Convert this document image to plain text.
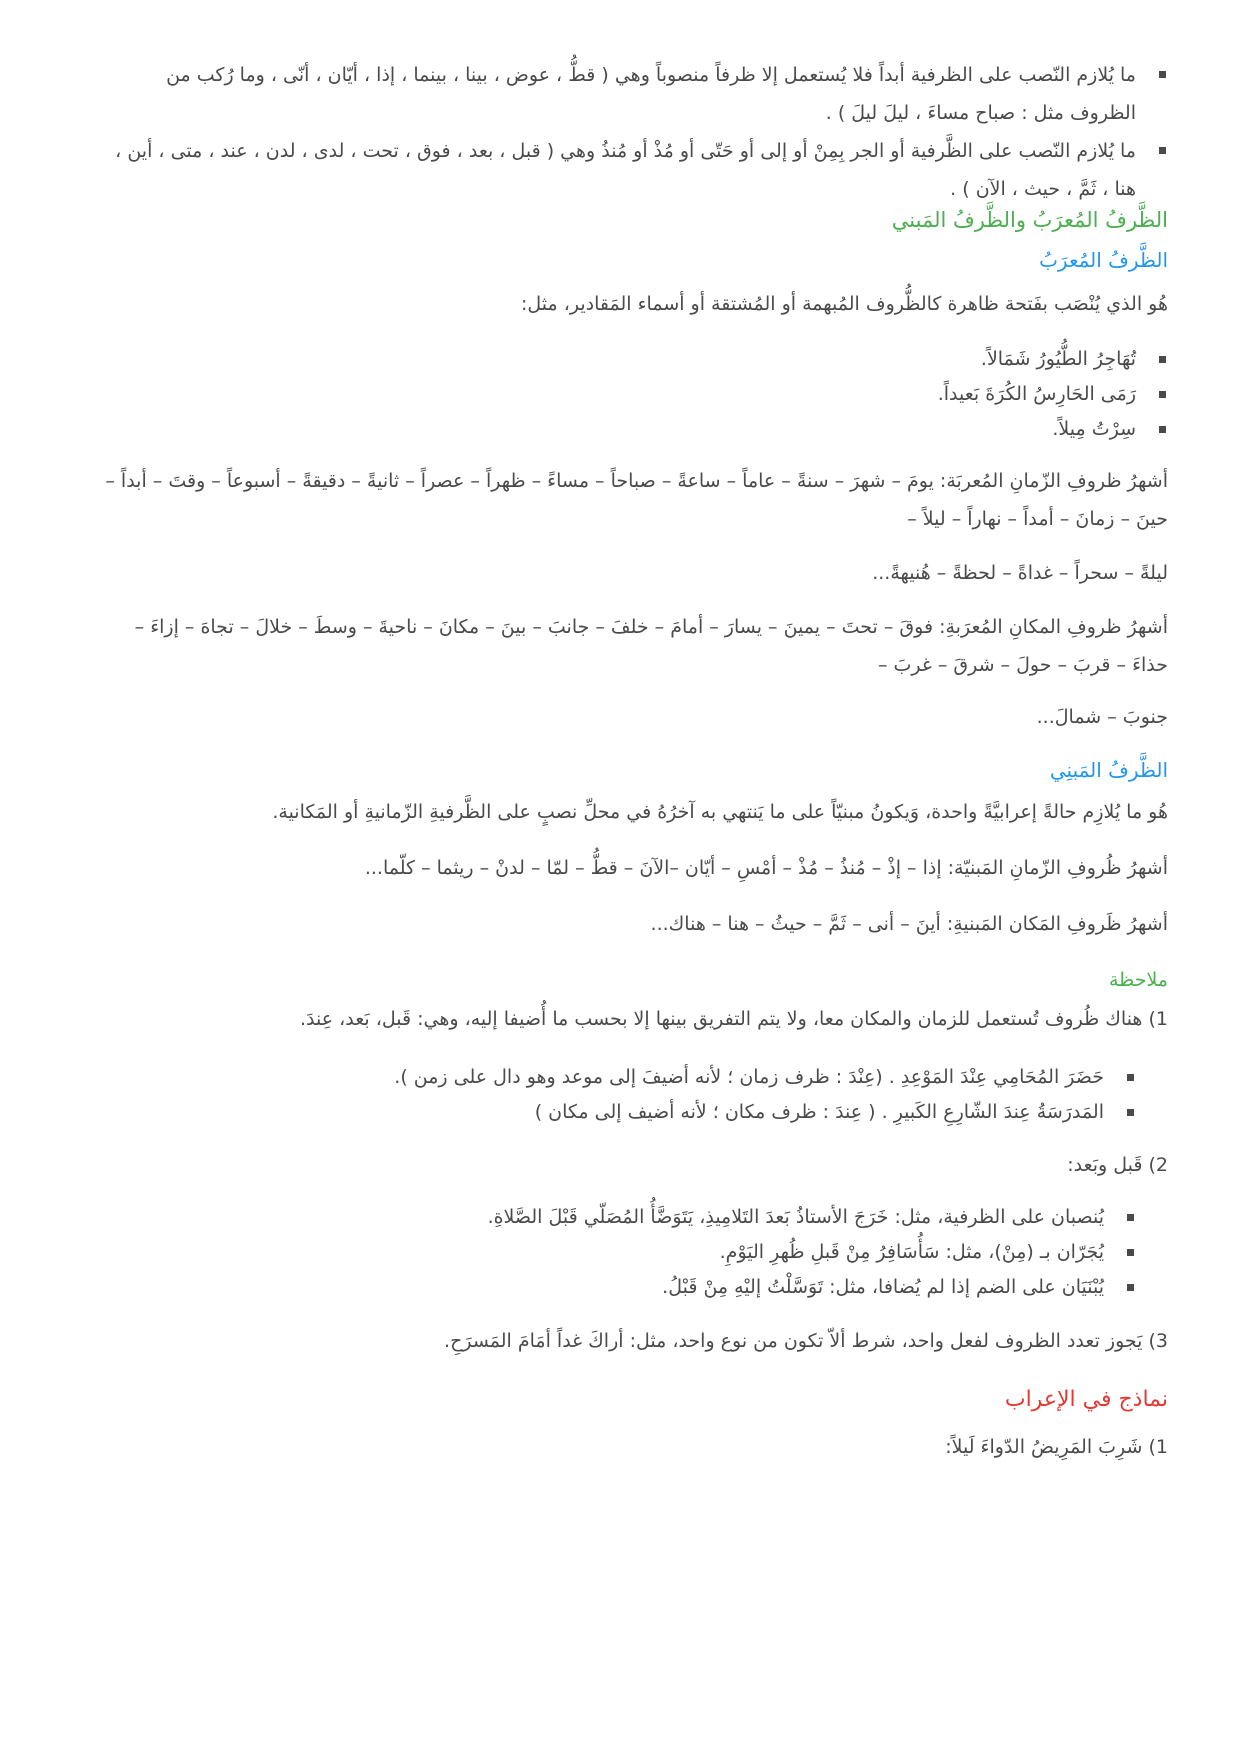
ما يُلازم النّصب على الظرفية أبداً فلا يُستعمل إلا ظرفاً منصوباً وهي ( قطُّ ، عوض ، بينا ، بينما ، إذا ، أيّان ، أنّى ، وما رُكب من الظروف مثل : صباح مساءَ ، ليلَ ليلَ ) .
ما يُلازم النّصب على الظَّرفية أو الجر بِمِنْ أو إلى أو حَتّى أو مُذْ أو مُنذُ وهي ( قبل ، بعد ، فوق ، تحت ، لدى ، لدن ، عند ، متى ، أين ، هنا ، ثَمَّ ، حيث ، الآن ) .
الظَّرفُ المُعرَبُ والظَّرفُ المَبني
الظَّرفُ المُعرَبُ

هُو الذي يُنْصَب بفَتحة ظاهرة كالظُّروف المُبهمة أو المُشتقة أو أسماء المَقادير، مثل:

تُهَاجِرُ الطُّيُورُ شَمَالاً.
رَمَى الحَارِسُ الكُرَةَ بَعيداً.
سِرْتُ مِيلاً.

أشهرُ ظروفِ الزّمانِ المُعربَة: يومَ – شهرَ – سنةً – عاماً – ساعةً – صباحاً – مساءً – ظهراً – عصراً – ثانيةً – دقيقةً – أسبوعاً – وقتَ – أبداً – حينَ – زمانَ – أمداً – نهاراً – ليلاً –

ليلةً – سحراً – غداةً – لحظةً – هُنيهةً...

أشهرُ ظروفِ المكانِ المُعرَبةِ: فوقَ – تحتَ – يمينَ – يسارَ – أمامَ – خلفَ – جانبَ – بينَ – مكانَ – ناحيةَ – وسطَ – خلالَ – تجاهَ – إزاءَ – حذاءَ – قربَ – حولَ – شرقَ – غربَ –

جنوبَ – شمالَ...

الظَّرفُ المَبنِي

هُو ما يُلازِم حالةً إعرابيَّةً واحدة، وَيكونُ مبنيّاً على ما يَنتهي به آخرُهُ في محلِّ نصبٍ على الظَّرفيةِ الزّمانيةِ أو المَكانية.

أشهرُ ظُروفِ الزّمانِ المَبنيّة: إذا – إذْ – مُنذُ – مُذْ – أمْسِ – أيّان –الآنَ – قطُّ – لمّا – لدنْ – ريثما – كلّما...

أشهرُ ظَروفِ المَكان المَبنيةِ: أينَ – أنى – ثَمَّ – حيثُ – هنا – هناك...

ملاحظة

1) هناك ظُروف تُستعمل للزمان والمكان معا، ولا يتم التفريق بينها إلا بحسب ما أُضيفا إليه، وهي: قَبل، بَعد، عِندَ.

حَضَرَ المُحَامِي عِنْدَ المَوْعِدِ . (عِنْدَ : ظرف زمان ؛ لأنه أضيفَ إلى موعد وهو دال على زمن ).
المَدرَسَةُ عِندَ الشّارِعِ الكَبيرِ . ( عِندَ : ظرف مكان ؛ لأنه أضيف إلى مكان )

2) قَبل وبَعد:

يُنصبان على الظرفية، مثل: خَرَجَ الأستاذُ بَعدَ التَلامِيذِ، يَتَوَضَّأُ المُصَلّي قَبْلَ الصَّلاةِ.
يُجَرّان بـ (مِنْ)، مثل: سَأُسَافِرُ مِنْ قَبلِ ظُهرِ اليَوْمِ.
يُبْنَيَان على الضم إذا لم يُضافا، مثل: تَوَسَّلْتُ إليْهِ مِنْ قَبْلُ.

3) يَجوز تعدد الظروف لفعل واحد، شرط ألاّ تكون من نوع واحد، مثل: أراكَ غداً أمَامَ المَسرَحِ.

نماذج في الإعراب

1) شَرِبَ المَرِيضُ الدّواءَ لَيلاً:
